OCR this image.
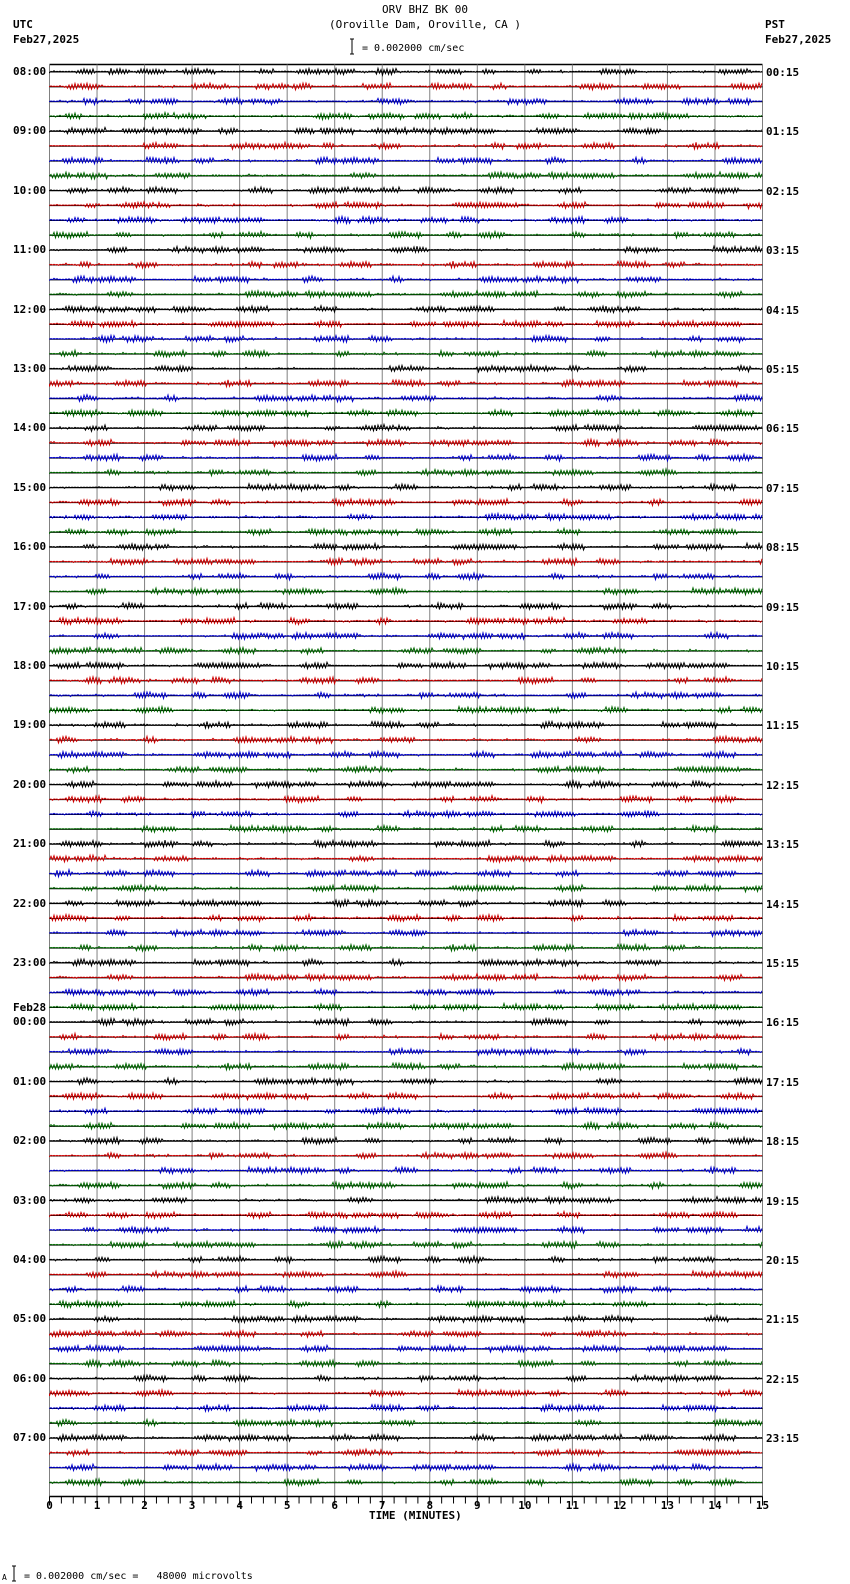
ORV BHZ BK 00
(Oroville Dam, Oroville, CA )
UTC
Feb27,2025
PST
Feb27,2025
= 0.002000 cm/sec
08:00
09:00
10:00
11:00
12:00
13:00
14:00
15:00
16:00
17:00
18:00
19:00
20:00
21:00
22:00
23:00
00:00
Feb28
01:00
02:00
03:00
04:00
05:00
06:00
07:00
00:15
01:15
02:15
03:15
04:15
05:15
06:15
07:15
08:15
09:15
10:15
11:15
12:15
13:15
14:15
15:15
16:15
17:15
18:15
19:15
20:15
21:15
22:15
23:15
0	1	2	3	4	5	6	7	8	9	10	11	12	13	14	15
TIME (MINUTES)
A = 0.002000 cm/sec =   48000 microvolts
